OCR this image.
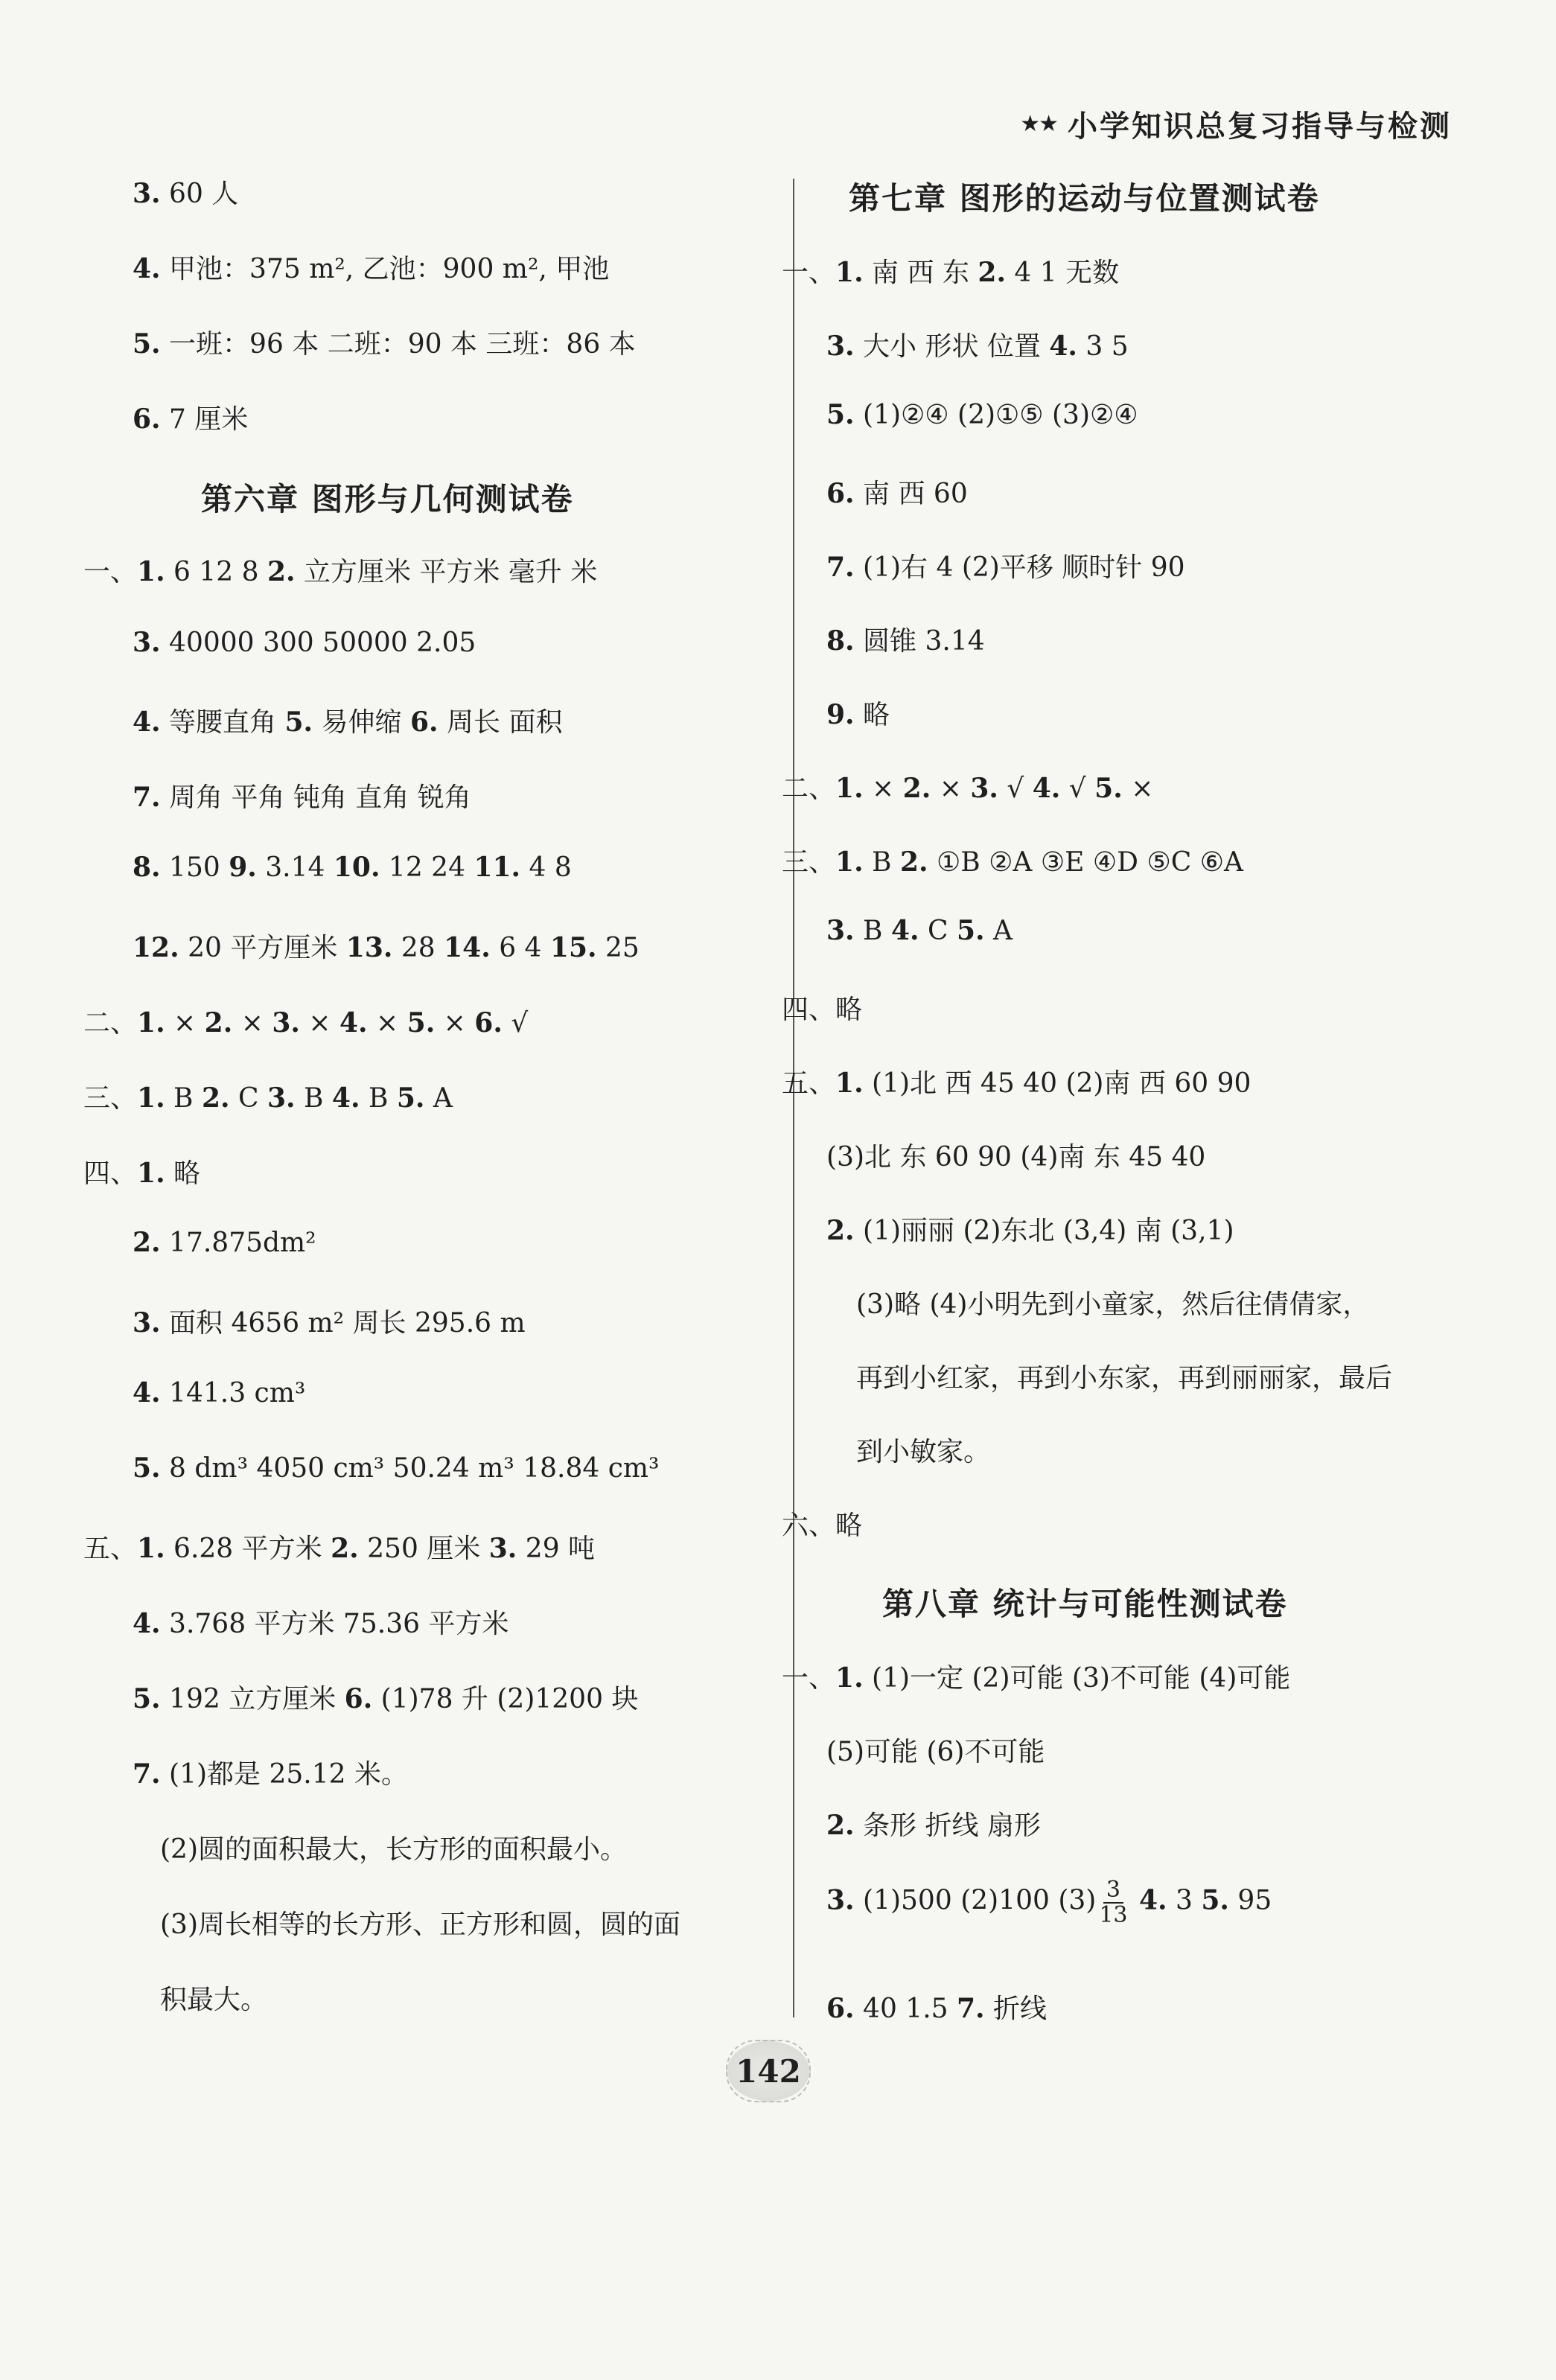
★★ 小学知识总复习指导与检测
3. 60 人
4. 甲池：375 m², 乙池：900 m², 甲池
5. 一班：96 本 二班：90 本 三班：86 本
6. 7 厘米
第六章 图形与几何测试卷
一、1. 6 12 8 2. 立方厘米 平方米 毫升 米
3. 40000 300 50000 2.05
4. 等腰直角 5. 易伸缩 6. 周长 面积
7. 周角 平角 钝角 直角 锐角
8. 150 9. 3.14 10. 12 24 11. 4 8
12. 20 平方厘米 13. 28 14. 6 4 15. 25
二、1. × 2. × 3. × 4. × 5. × 6. √
三、1. B 2. C 3. B 4. B 5. A
四、1. 略
2. 17.875dm²
3. 面积 4656 m² 周长 295.6 m
4. 141.3 cm³
5. 8 dm³ 4050 cm³ 50.24 m³ 18.84 cm³
五、1. 6.28 平方米 2. 250 厘米 3. 29 吨
4. 3.768 平方米 75.36 平方米
5. 192 立方厘米 6. (1)78 升 (2)1200 块
7. (1)都是 25.12 米。
(2)圆的面积最大，长方形的面积最小。
(3)周长相等的长方形、正方形和圆，圆的面
积最大。
第七章 图形的运动与位置测试卷
一、1. 南 西 东 2. 4 1 无数
3. 大小 形状 位置 4. 3 5
5. (1)②④ (2)①⑤ (3)②④
6. 南 西 60
7. (1)右 4 (2)平移 顺时针 90
8. 圆锥 3.14
9. 略
二、1. × 2. × 3. √ 4. √ 5. ×
三、1. B 2. ①B ②A ③E ④D ⑤C ⑥A
3. B 4. C 5. A
四、略
五、1. (1)北 西 45 40 (2)南 西 60 90
(3)北 东 60 90 (4)南 东 45 40
2. (1)丽丽 (2)东北 (3,4) 南 (3,1)
(3)略 (4)小明先到小童家，然后往倩倩家，
再到小红家，再到小东家，再到丽丽家，最后
到小敏家。
六、略
第八章 统计与可能性测试卷
一、1. (1)一定 (2)可能 (3)不可能 (4)可能
(5)可能 (6)不可能
2. 条形 折线 扇形
3. (1)500 (2)100 $(3) \frac{3}{13} 4$. 3 5. 95
6. 40 1.5 7. 折线
142
